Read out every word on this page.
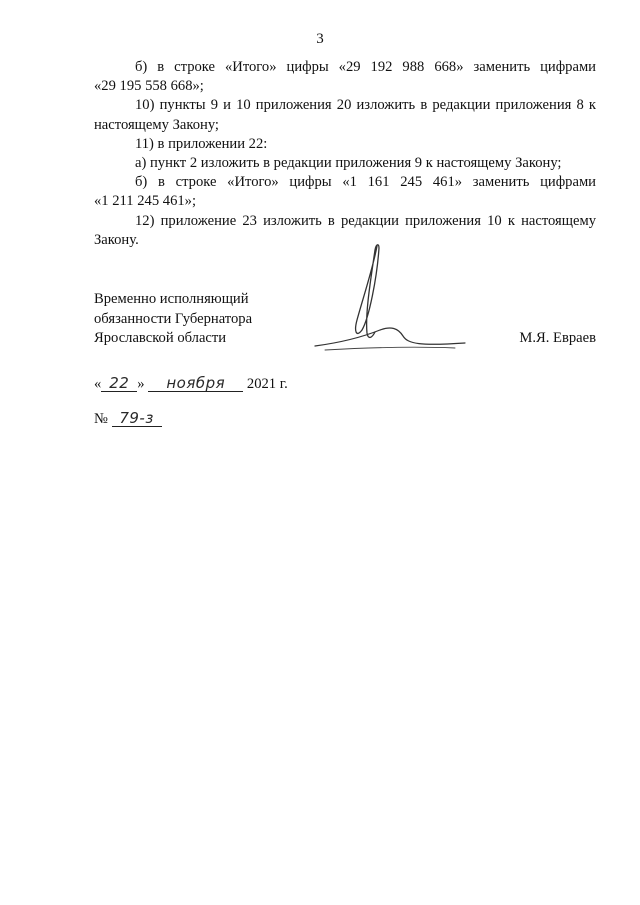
3

б) в строке «Итого» цифры «29 192 988 668» заменить цифрами
«29 195 558 668»;

10) пункты 9 и 10 приложения 20 изложить в редакции приложения 8 к настоящему Закону;

11) в приложении 22:

а) пункт 2 изложить в редакции приложения 9 к настоящему Закону;

б) в строке «Итого» цифры «1 161 245 461» заменить цифрами
«1 211 245 461»;

12) приложение 23 изложить в редакции приложения 10 к настоящему Закону.

Временно исполняющий
обязанности Губернатора
Ярославской области	М.Я. Евраев
« 22 » ноября 2021 г.
№ 79-з
